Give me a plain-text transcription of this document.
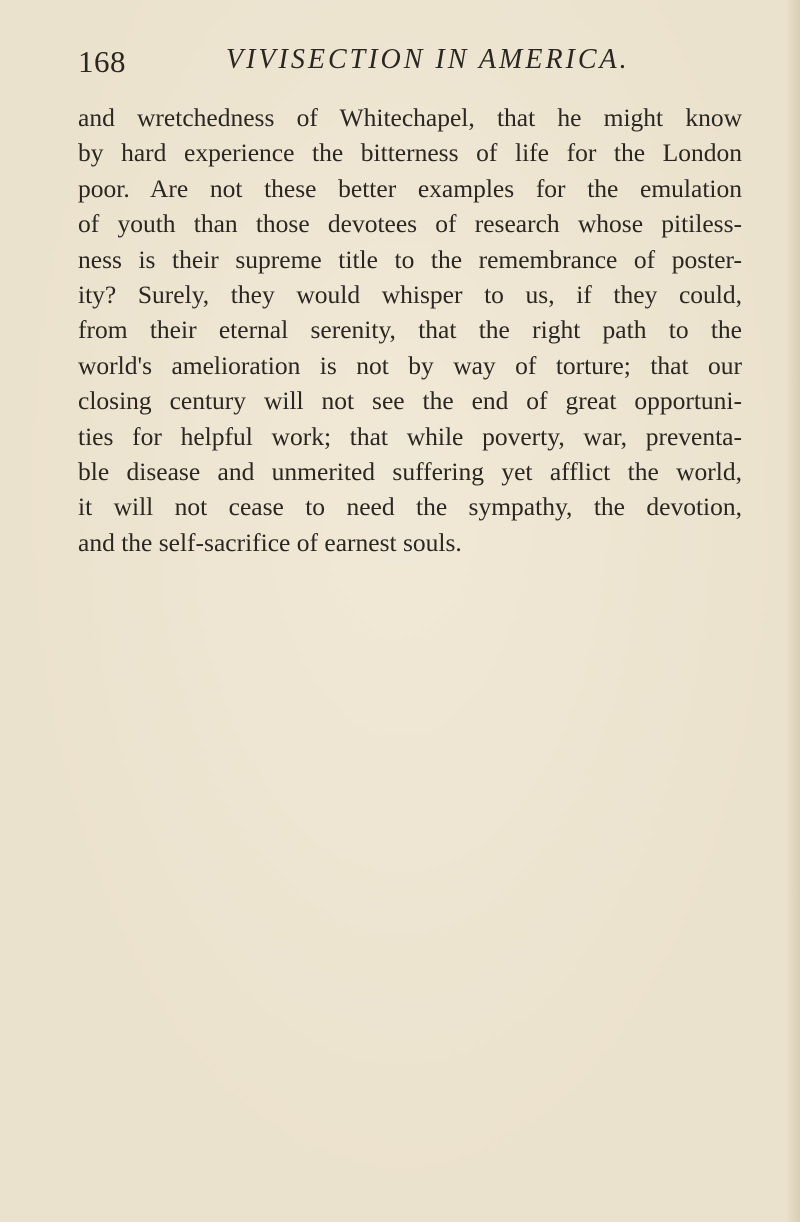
168	VIVISECTION IN AMERICA.

and wretchedness of Whitechapel, that he might know
by hard experience the bitterness of life for the London
poor. Are not these better examples for the emulation
of youth than those devotees of research whose pitiless-
ness is their supreme title to the remembrance of poster-
ity? Surely, they would whisper to us, if they could,
from their eternal serenity, that the right path to the
world's amelioration is not by way of torture; that our
closing century will not see the end of great opportuni-
ties for helpful work; that while poverty, war, preventa-
ble disease and unmerited suffering yet afflict the world,
it will not cease to need the sympathy, the devotion,
and the self-sacrifice of earnest souls.
